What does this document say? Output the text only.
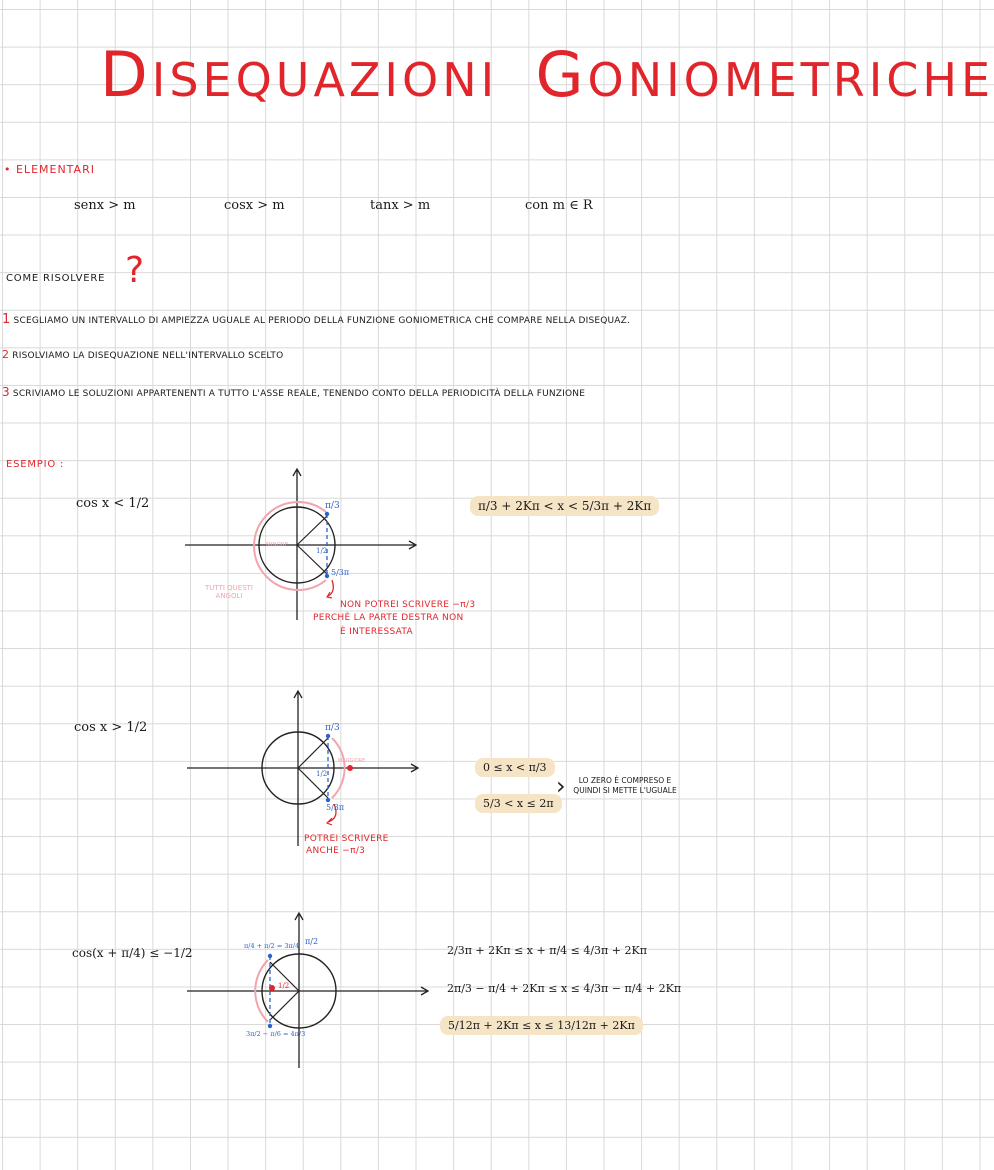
DISEQUAZIONI GONIOMETRICHE
• ELEMENTARI
senx > m	cosx > m	tanx > m	con m ∈ R
COME RISOLVERE ?
1 SCEGLIAMO UN INTERVALLO DI AMPIEZZA UGUALE AL PERIODO DELLA FUNZIONE GONIOMETRICA CHE COMPARE NELLA DISEQUAZ.
2 RISOLVIAMO LA DISEQUAZIONE NELL'INTERVALLO SCELTO
3 SCRIVIAMO LE SOLUZIONI APPARTENENTI A TUTTO L'ASSE REALE, TENENDO CONTO DELLA PERIODICITÀ DELLA FUNZIONE
ESEMPIO :
cos x < 1/2	π/3
5/3π
1/2
MINORE
TUTTI QUESTI ANGOLI
NON POTREI SCRIVERE −π/3
PERCHÈ LA PARTE DESTRA NON
È INTERESSATA
π/3 + 2Kπ < x < 5/3π + 2Kπ
cos x > 1/2	π/3
5/3π
1/2
MAGGIORE
POTREI SCRIVERE
ANCHE −π/3
0 ≤ x < π/3
5/3 < x ≤ 2π
›	LO ZERO È COMPRESO E QUINDI SI METTE L'UGUALE
cos(x + π/4) ≤ −1/2	π/4 + π/2 = 3π/4 π/2
3π/2 − π/6 = 4π/3
1/2
2/3π + 2Kπ ≤ x + π/4 ≤ 4/3π + 2Kπ
2π/3 − π/4 + 2Kπ ≤ x ≤ 4/3π − π/4 + 2Kπ
5/12π + 2Kπ ≤ x ≤ 13/12π + 2Kπ
